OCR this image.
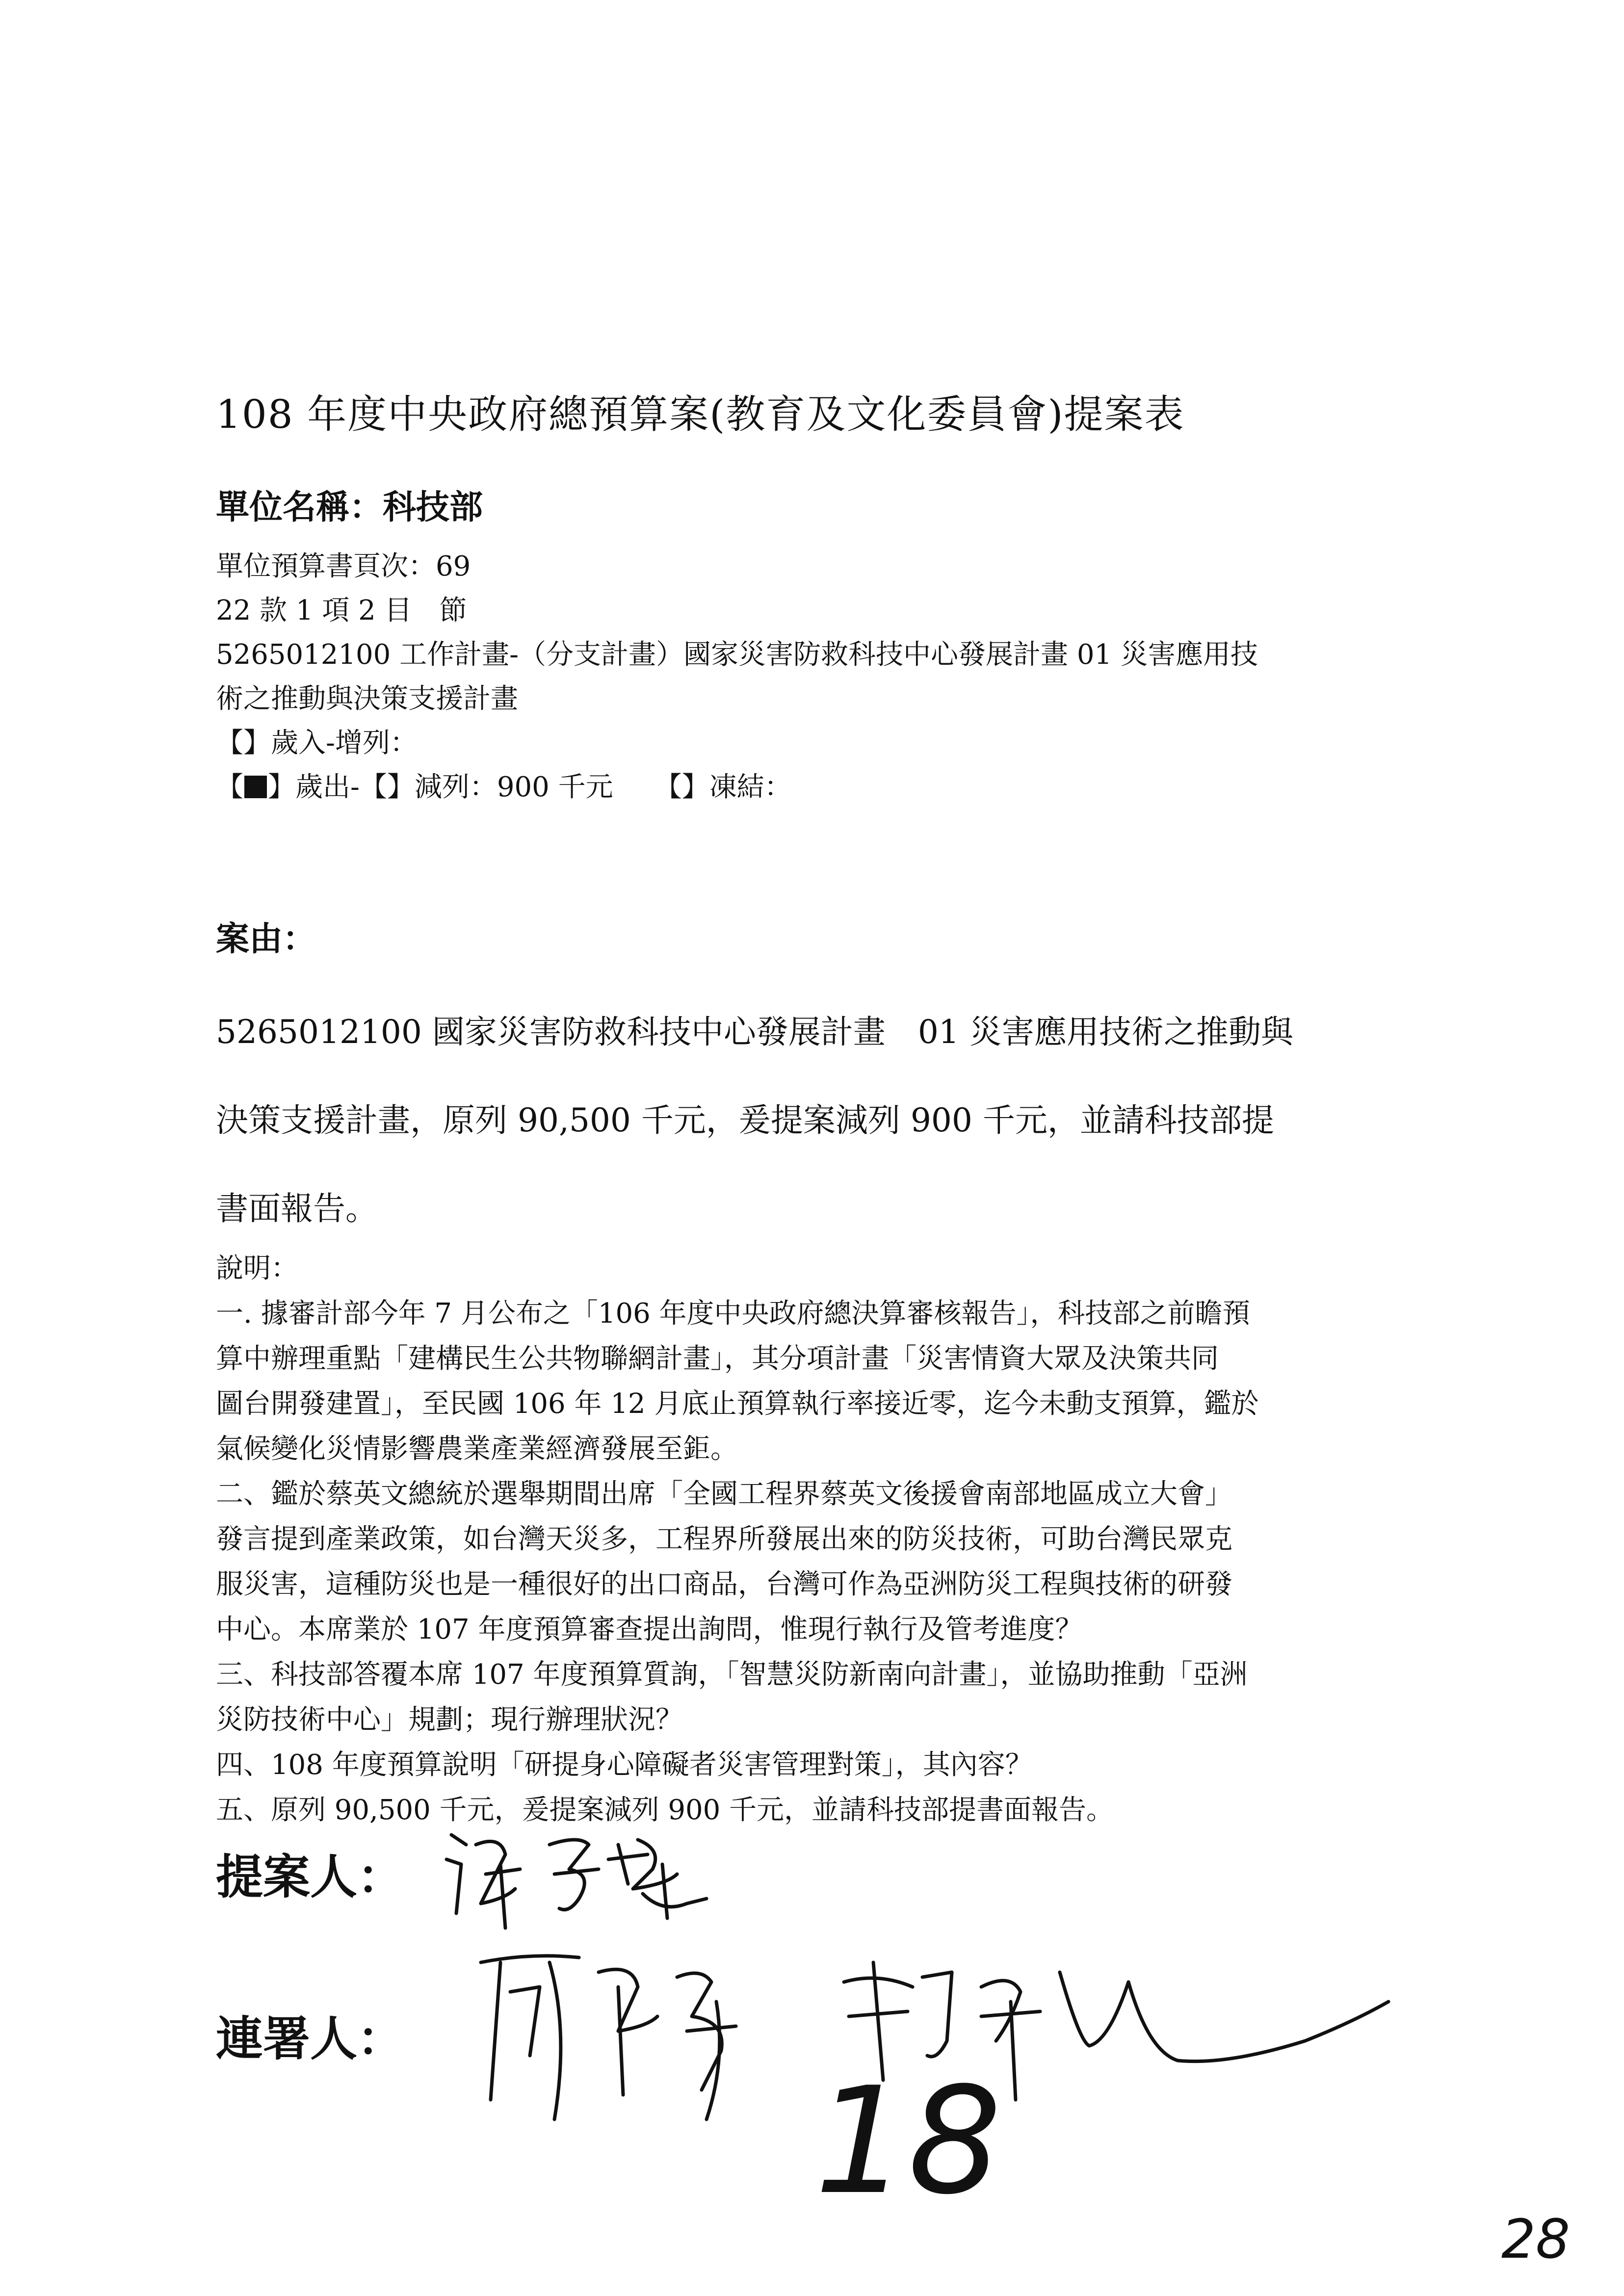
108 年度中央政府總預算案(教育及文化委員會)提案表
單位名稱：科技部
單位預算書頁次：69
22 款 1 項 2 目　節
5265012100 工作計畫-（分支計畫）國家災害防救科技中心發展計畫 01 災害應用技
術之推動與決策支援計畫
【】歲入-增列：
【 】歲出-【】減列：900 千元　　【】凍結：
案由：
5265012100 國家災害防救科技中心發展計畫　01 災害應用技術之推動與
決策支援計畫，原列 90,500 千元，爰提案減列 900 千元，並請科技部提
書面報告。
說明：
一. 據審計部今年 7 月公布之「106 年度中央政府總決算審核報告」，科技部之前瞻預
算中辦理重點「建構民生公共物聯網計畫」，其分項計畫「災害情資大眾及決策共同
圖台開發建置」，至民國 106 年 12 月底止預算執行率接近零，迄今未動支預算，鑑於
氣候變化災情影響農業產業經濟發展至鉅。
二、鑑於蔡英文總統於選舉期間出席「全國工程界蔡英文後援會南部地區成立大會」
發言提到產業政策，如台灣天災多，工程界所發展出來的防災技術，可助台灣民眾克
服災害，這種防災也是一種很好的出口商品，台灣可作為亞洲防災工程與技術的研發
中心。本席業於 107 年度預算審查提出詢問，惟現行執行及管考進度？
三、科技部答覆本席 107 年度預算質詢，「智慧災防新南向計畫」，並協助推動「亞洲
災防技術中心」規劃；現行辦理狀況？
四、108 年度預算說明「研提身心障礙者災害管理對策」，其內容？
五、原列 90,500 千元，爰提案減列 900 千元，並請科技部提書面報告。
提案人：
連署人：
18
28
